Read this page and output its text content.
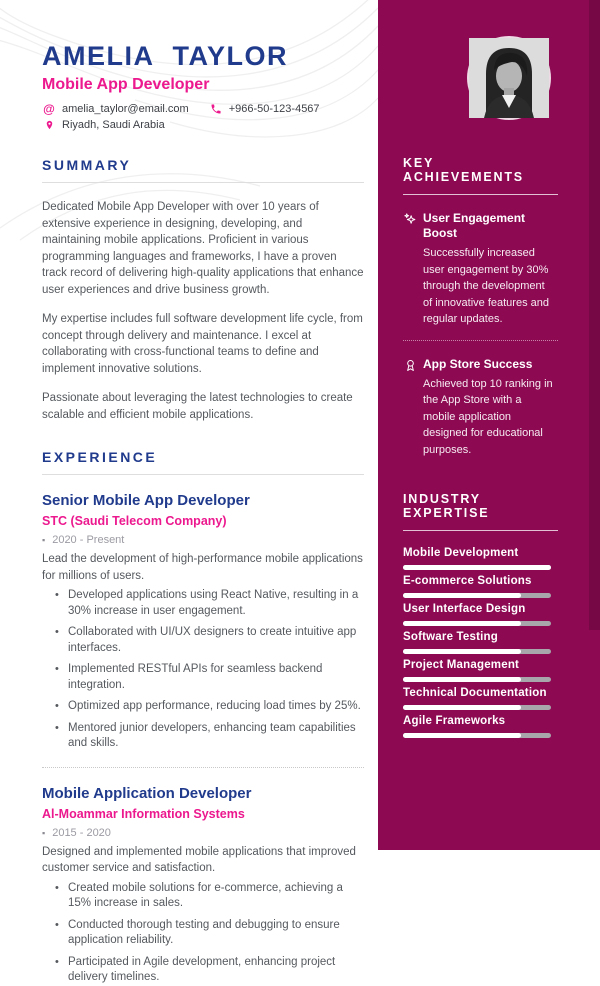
AMELIA TAYLOR
Mobile App Developer
@ amelia_taylor@email.com	+966-50-123-4567
Riyadh, Saudi Arabia
SUMMARY

Dedicated Mobile App Developer with over 10 years of extensive experience in designing, developing, and maintaining mobile applications. Proficient in various programming languages and frameworks, I have a proven track record of delivering high-quality applications that enhance user experiences and drive business growth.

My expertise includes full software development life cycle, from concept through delivery and maintenance. I excel at collaborating with cross-functional teams to define and implement innovative solutions.

Passionate about leveraging the latest technologies to create scalable and efficient mobile applications.

EXPERIENCE
Senior Mobile App Developer
STC (Saudi Telecom Company)
▪ 2020 - Present
Lead the development of high-performance mobile applications for millions of users.
• Developed applications using React Native, resulting in a 30% increase in user engagement.
• Collaborated with UI/UX designers to create intuitive app interfaces.
• Implemented RESTful APIs for seamless backend integration.
• Optimized app performance, reducing load times by 25%.
• Mentored junior developers, enhancing team capabilities and skills.
Mobile Application Developer
Al-Moammar Information Systems
▪ 2015 - 2020
Designed and implemented mobile applications that improved customer service and satisfaction.
• Created mobile solutions for e-commerce, achieving a 15% increase in sales.
• Conducted thorough testing and debugging to ensure application reliability.
• Participated in Agile development, enhancing project delivery timelines.
KEY ACHIEVEMENTS
User Engagement Boost
Successfully increased user engagement by 30% through the development of innovative features and regular updates.
App Store Success
Achieved top 10 ranking in the App Store with a mobile application designed for educational purposes.
INDUSTRY EXPERTISE
Mobile Development
E-commerce Solutions
User Interface Design
Software Testing
Project Management
Technical Documentation
Agile Frameworks
